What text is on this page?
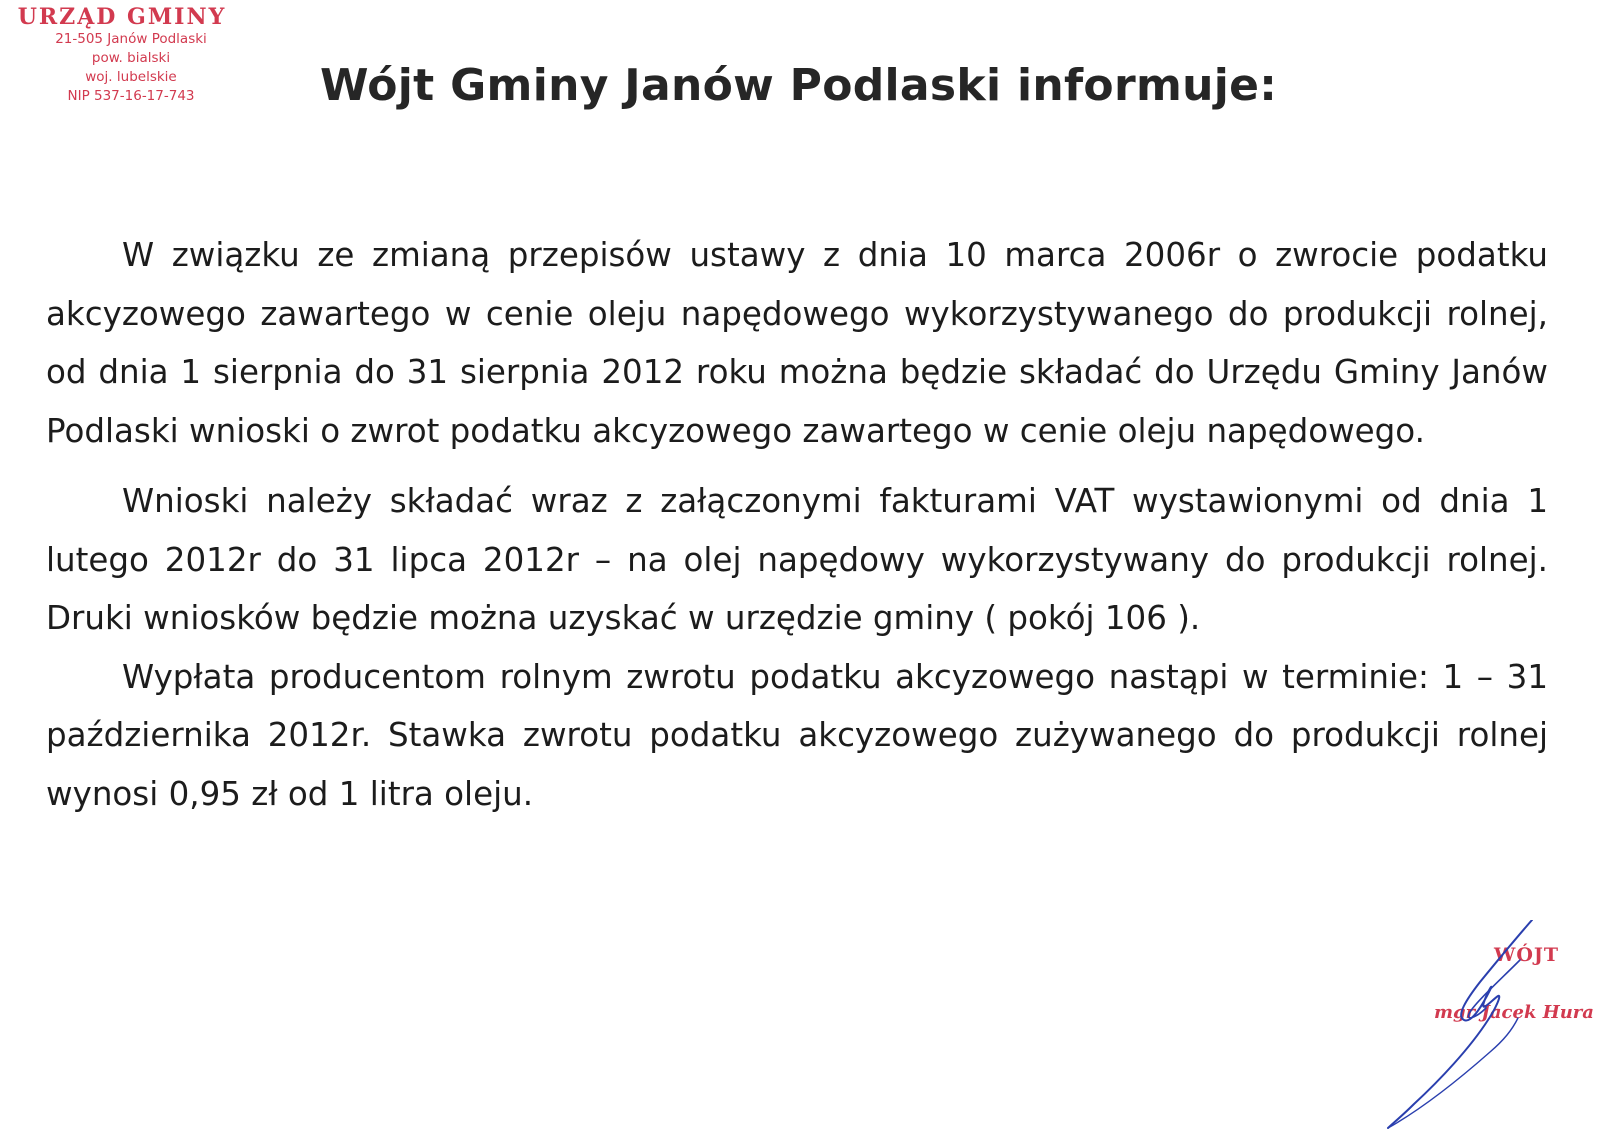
URZĄD GMINY
21-505 Janów Podlaski
pow. bialski
woj. lubelskie
NIP 537-16-17-743	Wójt Gminy Janów Podlaski informuje:

W związku ze zmianą przepisów ustawy z dnia 10 marca 2006r o zwrocie podatku akcyzowego zawartego w cenie oleju napędowego wykorzystywanego do produkcji rolnej, od dnia 1 sierpnia do 31 sierpnia 2012 roku można będzie składać do Urzędu Gminy Janów Podlaski wnioski o zwrot podatku akcyzowego zawartego w cenie oleju napędowego.

Wnioski należy składać wraz z załączonymi fakturami VAT wystawionymi od dnia 1 lutego 2012r do 31 lipca 2012r – na olej napędowy wykorzystywany do produkcji rolnej. Druki wniosków będzie można uzyskać w urzędzie gminy ( pokój 106 ).

Wypłata producentom rolnym zwrotu podatku akcyzowego nastąpi w terminie: 1 – 31 października 2012r. Stawka zwrotu podatku akcyzowego zużywanego do produkcji rolnej wynosi 0,95 zł od 1 litra oleju.

WÓJT
mgr Jacek Hura
